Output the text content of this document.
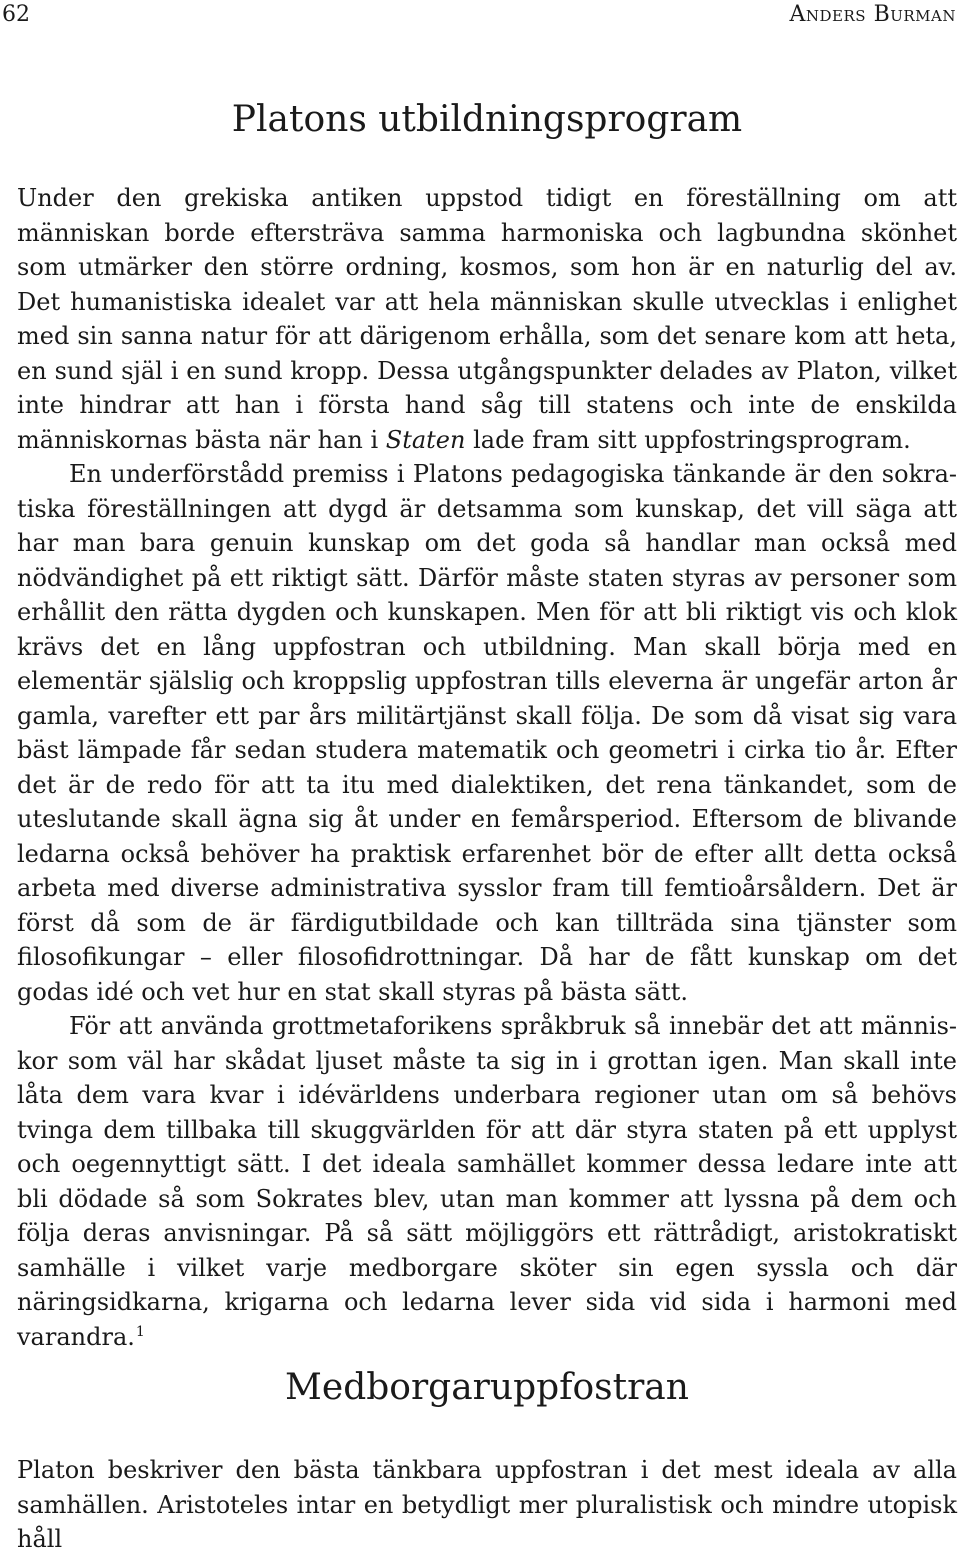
62	Anders Burman
Platons utbildningsprogram

Under den grekiska antiken uppstod tidigt en föreställning om att människan borde eftersträva samma harmoniska och lagbundna skönhet som utmärker den större ordning, kosmos, som hon är en naturlig del av. Det humanistiska idealet var att hela människan skulle utvecklas i enlighet med sin sanna natur för att därigenom erhålla, som det senare kom att heta, en sund själ i en sund kropp. Dessa utgångspunkter delades av Platon, vilket inte hindrar att han i första hand såg till statens och inte de enskilda människornas bästa när han i Staten lade fram sitt uppfostringsprogram.

En underförstådd premiss i Platons pedagogiska tänkande är den sokratiska föreställningen att dygd är detsamma som kunskap, det vill säga att har man bara genuin kunskap om det goda så handlar man också med nödvändighet på ett riktigt sätt. Därför måste staten styras av personer som erhållit den rätta dygden och kunskapen. Men för att bli riktigt vis och klok krävs det en lång uppfostran och utbildning. Man skall börja med en elementär själslig och kroppslig uppfostran tills eleverna är ungefär arton år gamla, varefter ett par års militärtjänst skall följa. De som då visat sig vara bäst lämpade får sedan studera matematik och geometri i cirka tio år. Efter det är de redo för att ta itu med dialektiken, det rena tänkandet, som de uteslutande skall ägna sig åt under en femårsperiod. Eftersom de blivande ledarna också behöver ha praktisk erfarenhet bör de efter allt detta också arbeta med diverse administrativa sysslor fram till femtioårsåldern. Det är först då som de är färdigutbildade och kan tillträda sina tjänster som filosofikungar – eller filosofidrottningar. Då har de fått kunskap om det godas idé och vet hur en stat skall styras på bästa sätt.

För att använda grottmetaforikens språkbruk så innebär det att människor som väl har skådat ljuset måste ta sig in i grottan igen. Man skall inte låta dem vara kvar i idévärldens underbara regioner utan om så behövs tvinga dem tillbaka till skuggvärlden för att där styra staten på ett upplyst och oegennyttigt sätt. I det ideala samhället kommer dessa ledare inte att bli dödade så som Sokrates blev, utan man kommer att lyssna på dem och följa deras anvisningar. På så sätt möjliggörs ett rättrådigt, aristokratiskt samhälle i vilket varje medborgare sköter sin egen syssla och där näringsidkarna, krigarna och ledarna lever sida vid sida i harmoni med varandra.$^1$

Medborgaruppfostran

Platon beskriver den bästa tänkbara uppfostran i det mest ideala av alla samhällen. Aristoteles intar en betydligt mer pluralistisk och mindre utopisk håll
